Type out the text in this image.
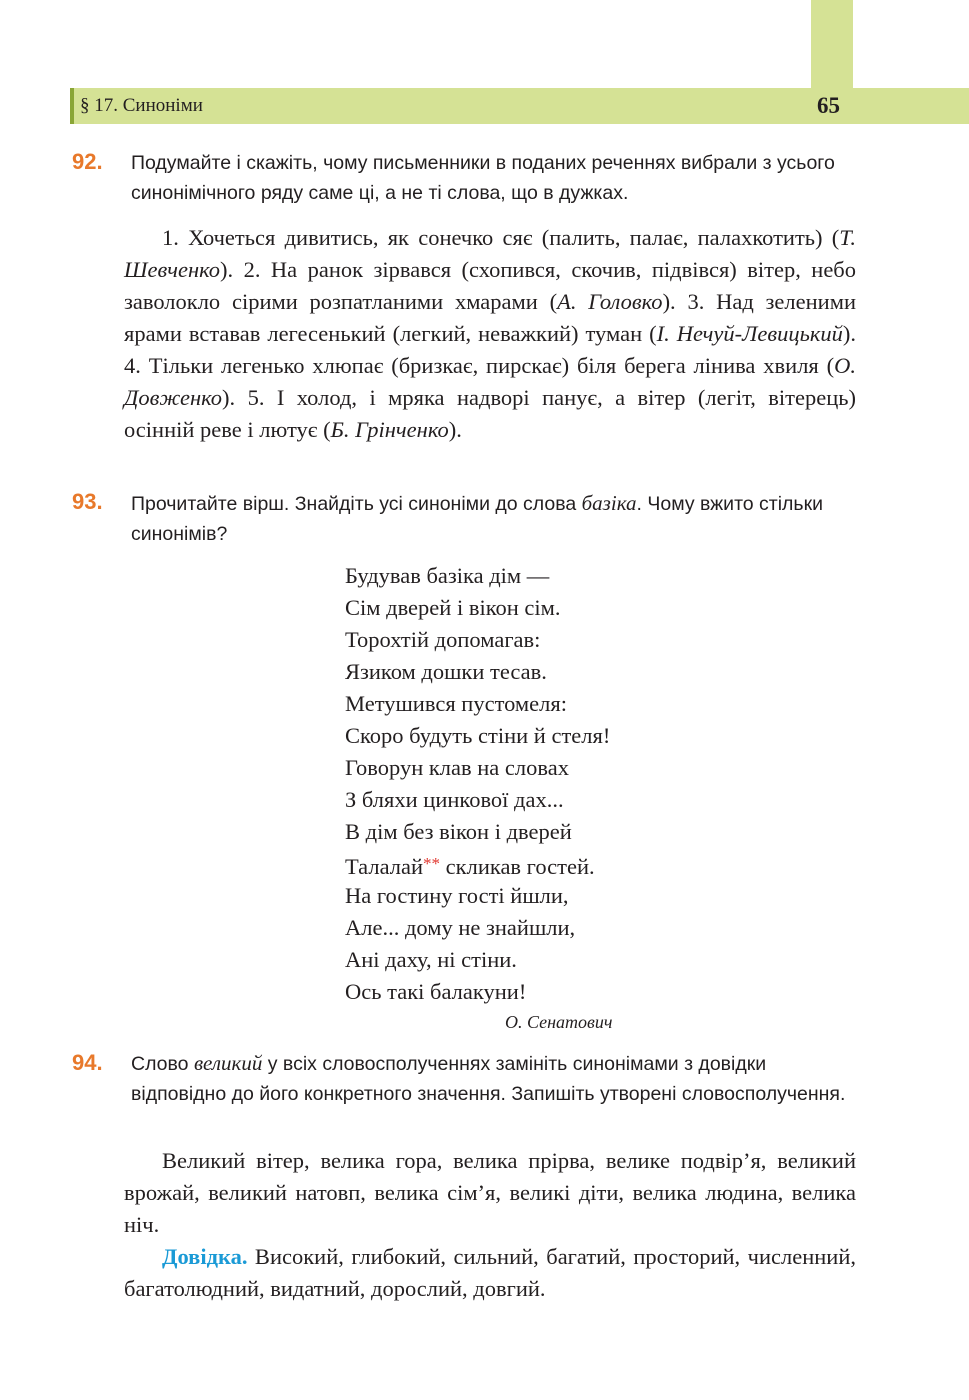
§ 17. Синоніми	65
92. Подумайте і скажіть, чому письменники в поданих реченнях вибрали з усього синонімічного ряду саме ці, а не ті слова, що в дужках.
1. Хочеться дивитись, як сонечко сяє (палить, палає, палахкотить) (Т. Шевченко). 2. На ранок зірвався (схопився, скочив, підвівся) вітер, небо заволокло сірими розпатланими хмарами (А. Головко). 3. Над зеленими ярами вставав легесенький (легкий, неважкий) туман (І. Нечуй-Левицький). 4. Тільки легенько хлюпає (бризкає, пирскає) біля берега лінива хвиля (О. Довженко). 5. І холод, і мряка надворі панує, а вітер (легіт, вітерець) осінній реве і лютує (Б. Грінченко).
93. Прочитайте вірш. Знайдіть усі синоніми до слова базіка. Чому вжито стільки синонімів?
Будував базіка дім —
Сім дверей і вікон сім.
Торохтій допомагав:
Язиком дошки тесав.
Метушився пустомеля:
Скоро будуть стіни й стеля!
Говорун клав на словах
З бляхи цинкової дах...
В дім без вікон і дверей
Талалай** скликав гостей.
На гостину гості йшли,
Але... дому не знайшли,
Ані даху, ні стіни.
Ось такі балакуни!
О. Сенатович
94. Слово великий у всіх словосполученнях замініть синонімами з довідки відповідно до його конкретного значення. Запишіть утворені словосполучення.
Великий вітер, велика гора, велика прірва, велике подвір’я, великий врожай, великий натовп, велика сім’я, великі діти, велика людина, велика ніч.
Довідка. Високий, глибокий, сильний, багатий, просторий, численний, багатолюдний, видатний, дорослий, довгий.
